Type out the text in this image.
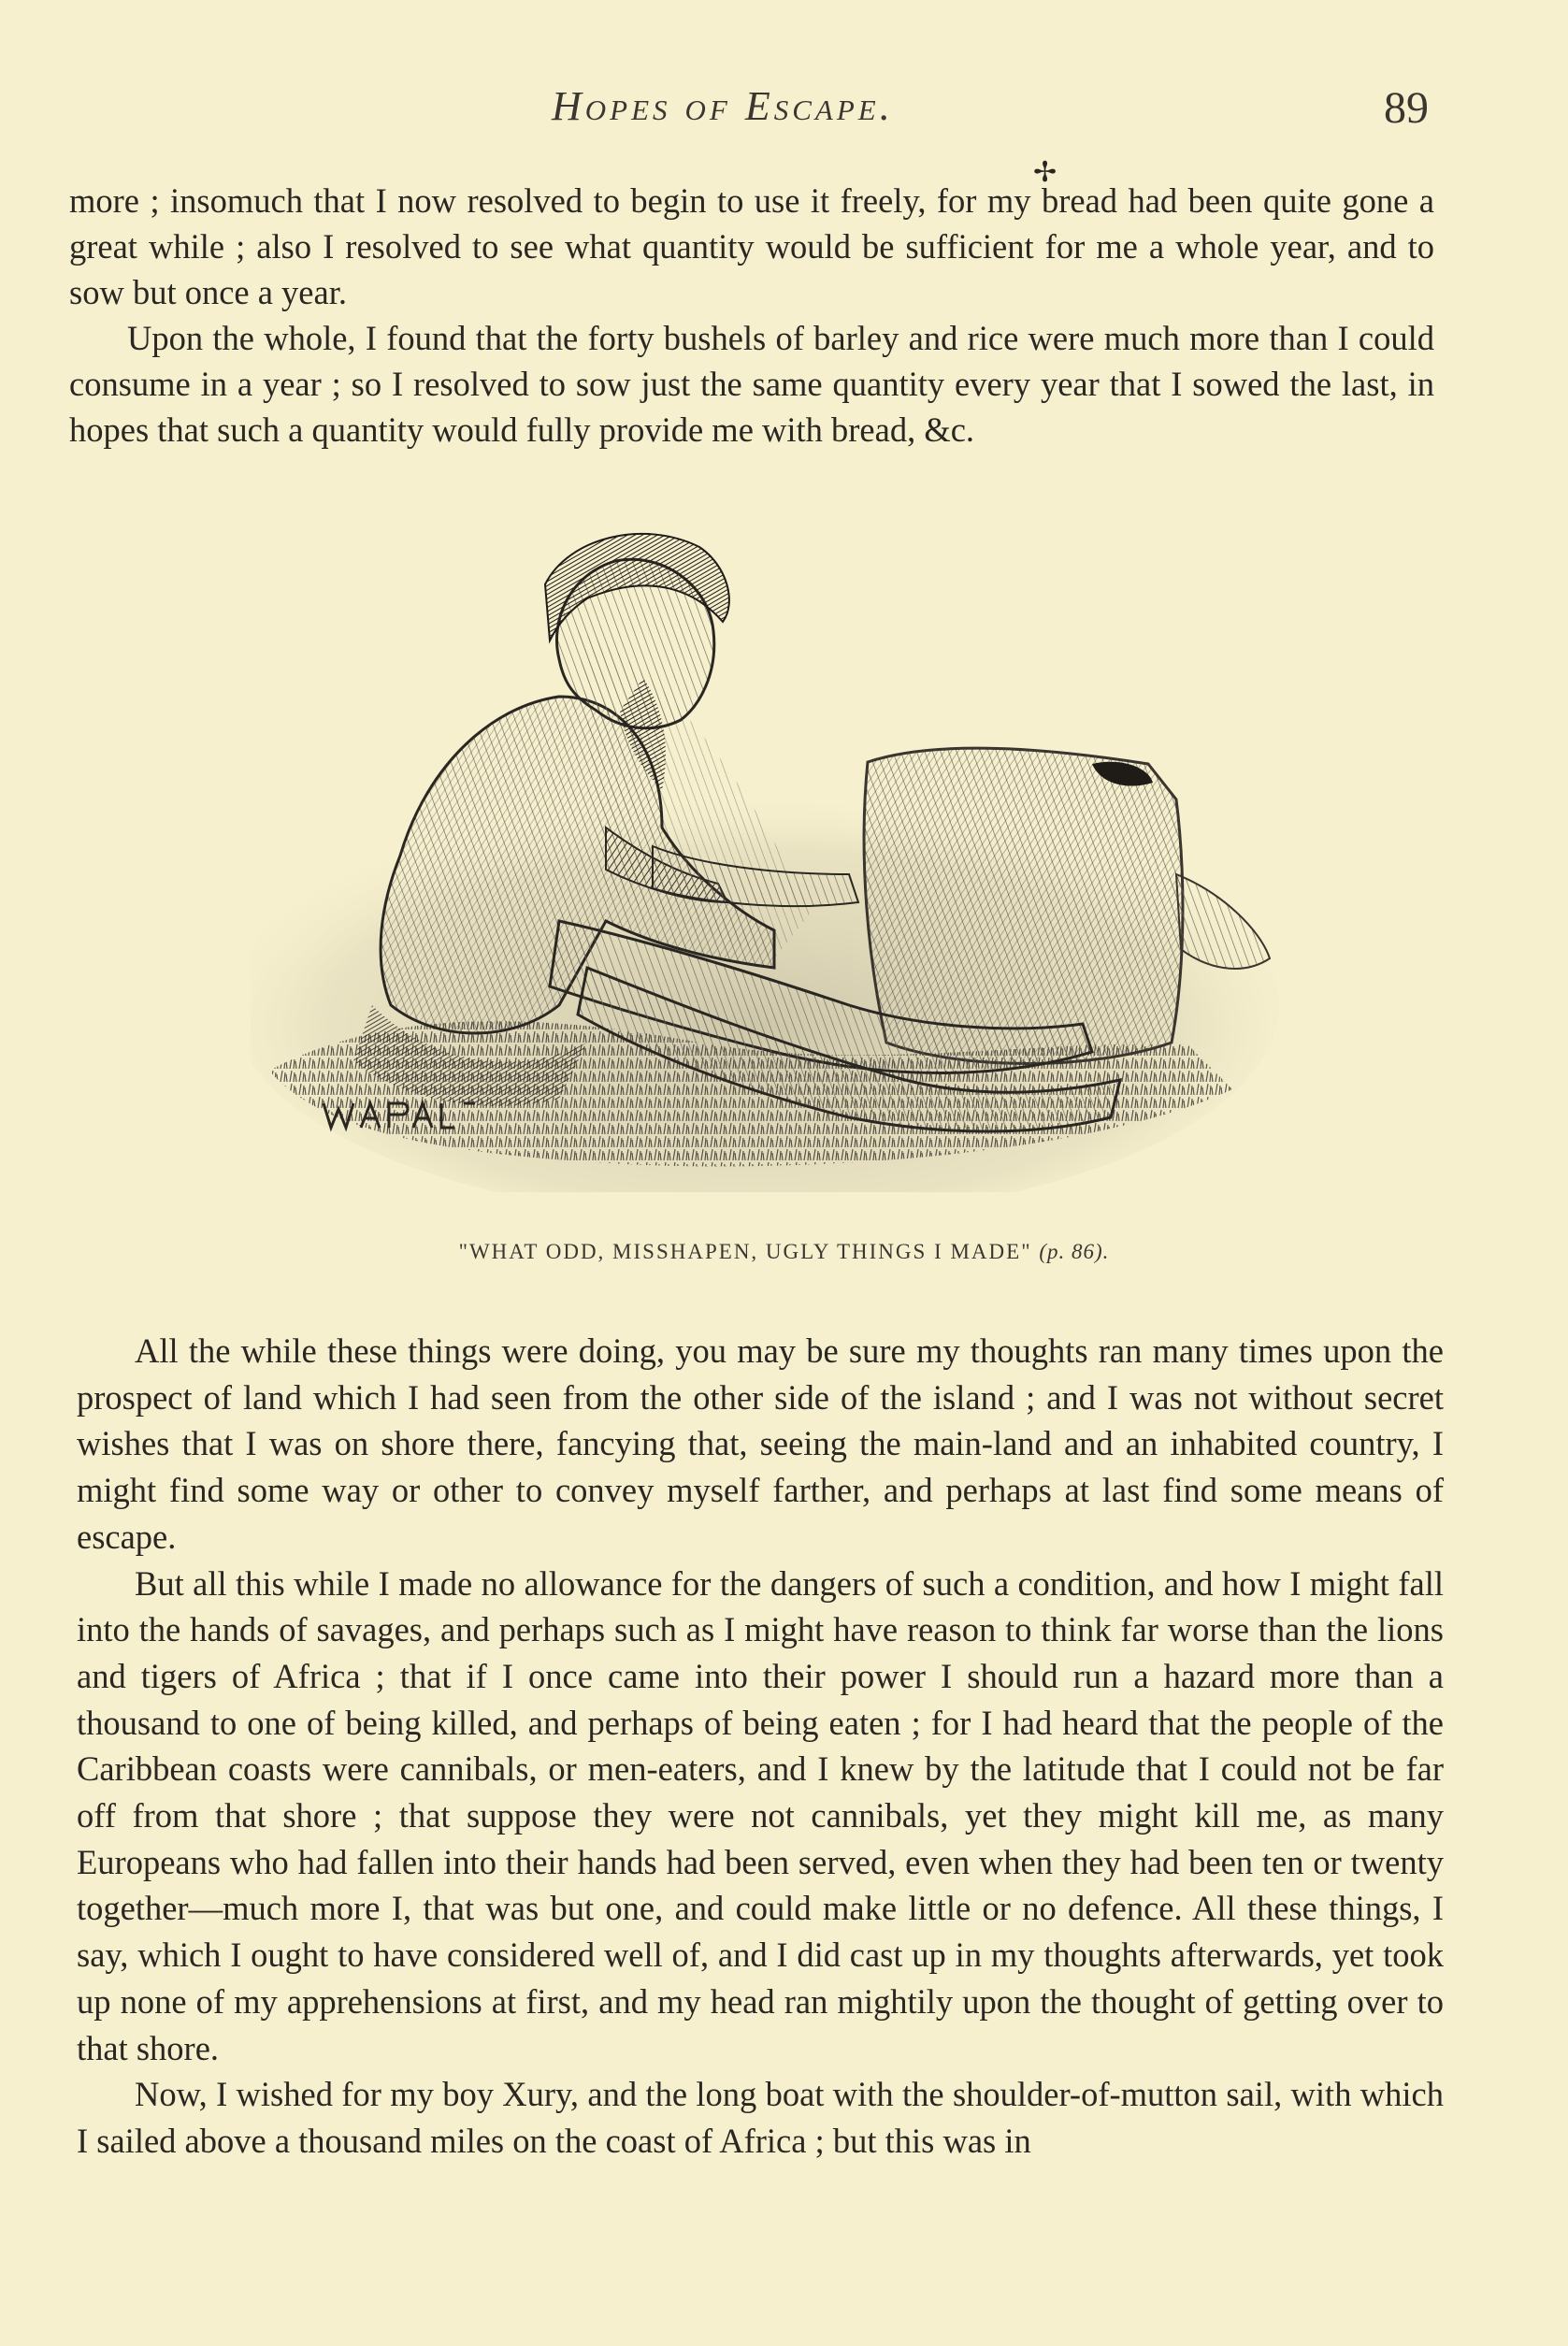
Hopes of Escape.	89
✢

more ; insomuch that I now resolved to begin to use it freely, for my bread had been quite gone a great while ; also I resolved to see what quantity would be sufficient for me a whole year, and to sow but once a year.

Upon the whole, I found that the forty bushels of barley and rice were much more than I could consume in a year ; so I resolved to sow just the same quantity every year that I sowed the last, in hopes that such a quantity would fully provide me with bread, &c.

"WHAT ODD, MISSHAPEN, UGLY THINGS I MADE" (p. 86).

All the while these things were doing, you may be sure my thoughts ran many times upon the prospect of land which I had seen from the other side of the island ; and I was not without secret wishes that I was on shore there, fancying that, seeing the main-land and an inhabited country, I might find some way or other to convey myself farther, and perhaps at last find some means of escape.

But all this while I made no allowance for the dangers of such a condition, and how I might fall into the hands of savages, and perhaps such as I might have reason to think far worse than the lions and tigers of Africa ; that if I once came into their power I should run a hazard more than a thousand to one of being killed, and perhaps of being eaten ; for I had heard that the people of the Caribbean coasts were cannibals, or men-eaters, and I knew by the latitude that I could not be far off from that shore ; that suppose they were not cannibals, yet they might kill me, as many Europeans who had fallen into their hands had been served, even when they had been ten or twenty together—much more I, that was but one, and could make little or no defence. All these things, I say, which I ought to have considered well of, and I did cast up in my thoughts afterwards, yet took up none of my apprehensions at first, and my head ran mightily upon the thought of getting over to that shore.

Now, I wished for my boy Xury, and the long boat with the shoulder-of-mutton sail, with which I sailed above a thousand miles on the coast of Africa ; but this was in
